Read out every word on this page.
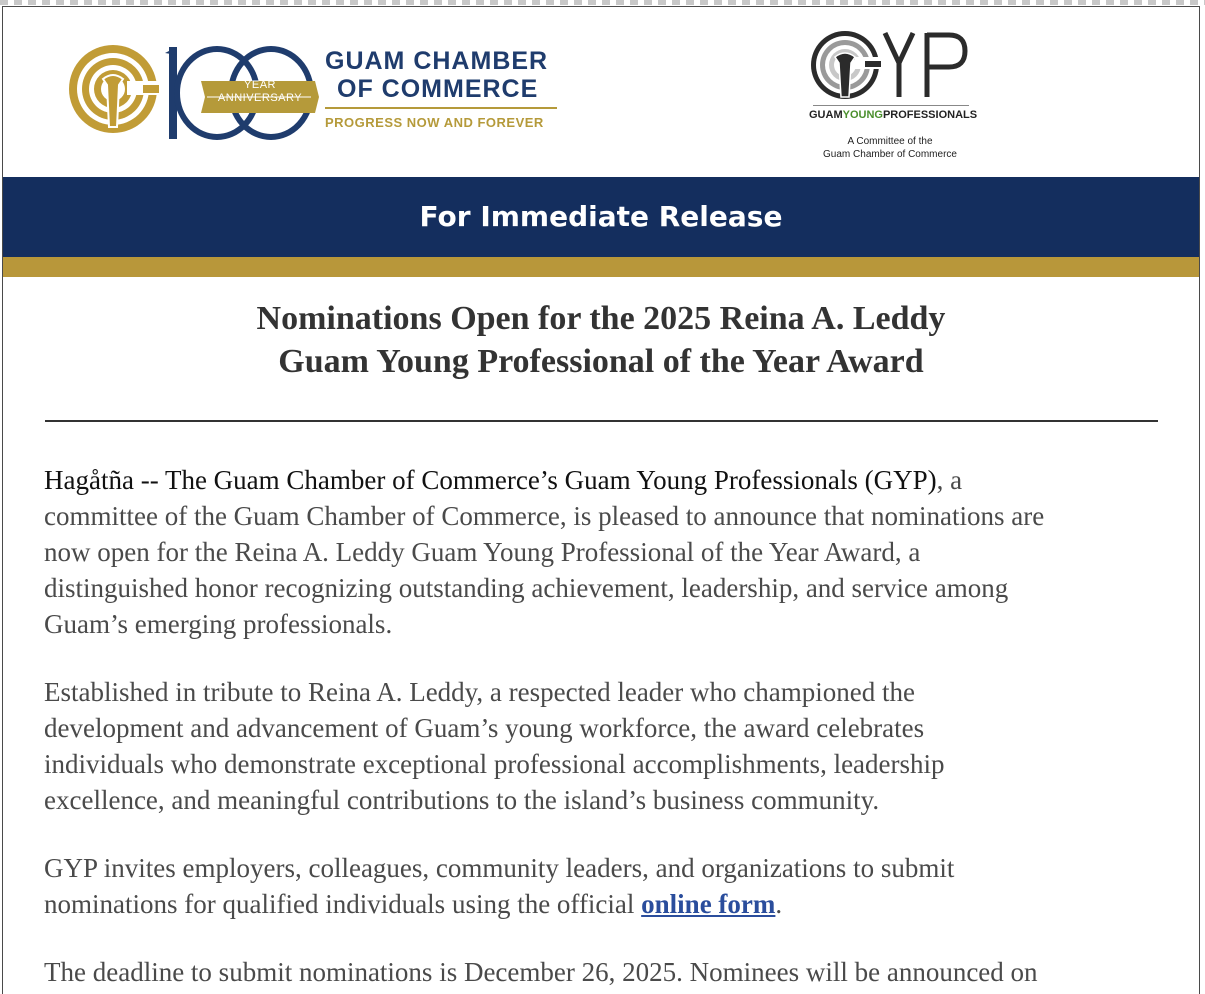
YEAR
ANNIVERSARY
GUAM CHAMBER
OF COMMERCE
PROGRESS NOW AND FOREVER	GUAMYOUNGPROFESSIONALS
A Committee of the
Guam Chamber of Commerce
For Immediate Release
Nominations Open for the 2025 Reina A. Leddy
Guam Young Professional of the Year Award
Hagåtña -- The Guam Chamber of Commerce’s Guam Young Professionals (GYP), a
committee of the Guam Chamber of Commerce, is pleased to announce that nominations are
now open for the Reina A. Leddy Guam Young Professional of the Year Award, a
distinguished honor recognizing outstanding achievement, leadership, and service among
Guam’s emerging professionals.
Established in tribute to Reina A. Leddy, a respected leader who championed the
development and advancement of Guam’s young workforce, the award celebrates
individuals who demonstrate exceptional professional accomplishments, leadership
excellence, and meaningful contributions to the island’s business community.
GYP invites employers, colleagues, community leaders, and organizations to submit
nominations for qualified individuals using the official online form.
The deadline to submit nominations is December 26, 2025. Nominees will be announced on
